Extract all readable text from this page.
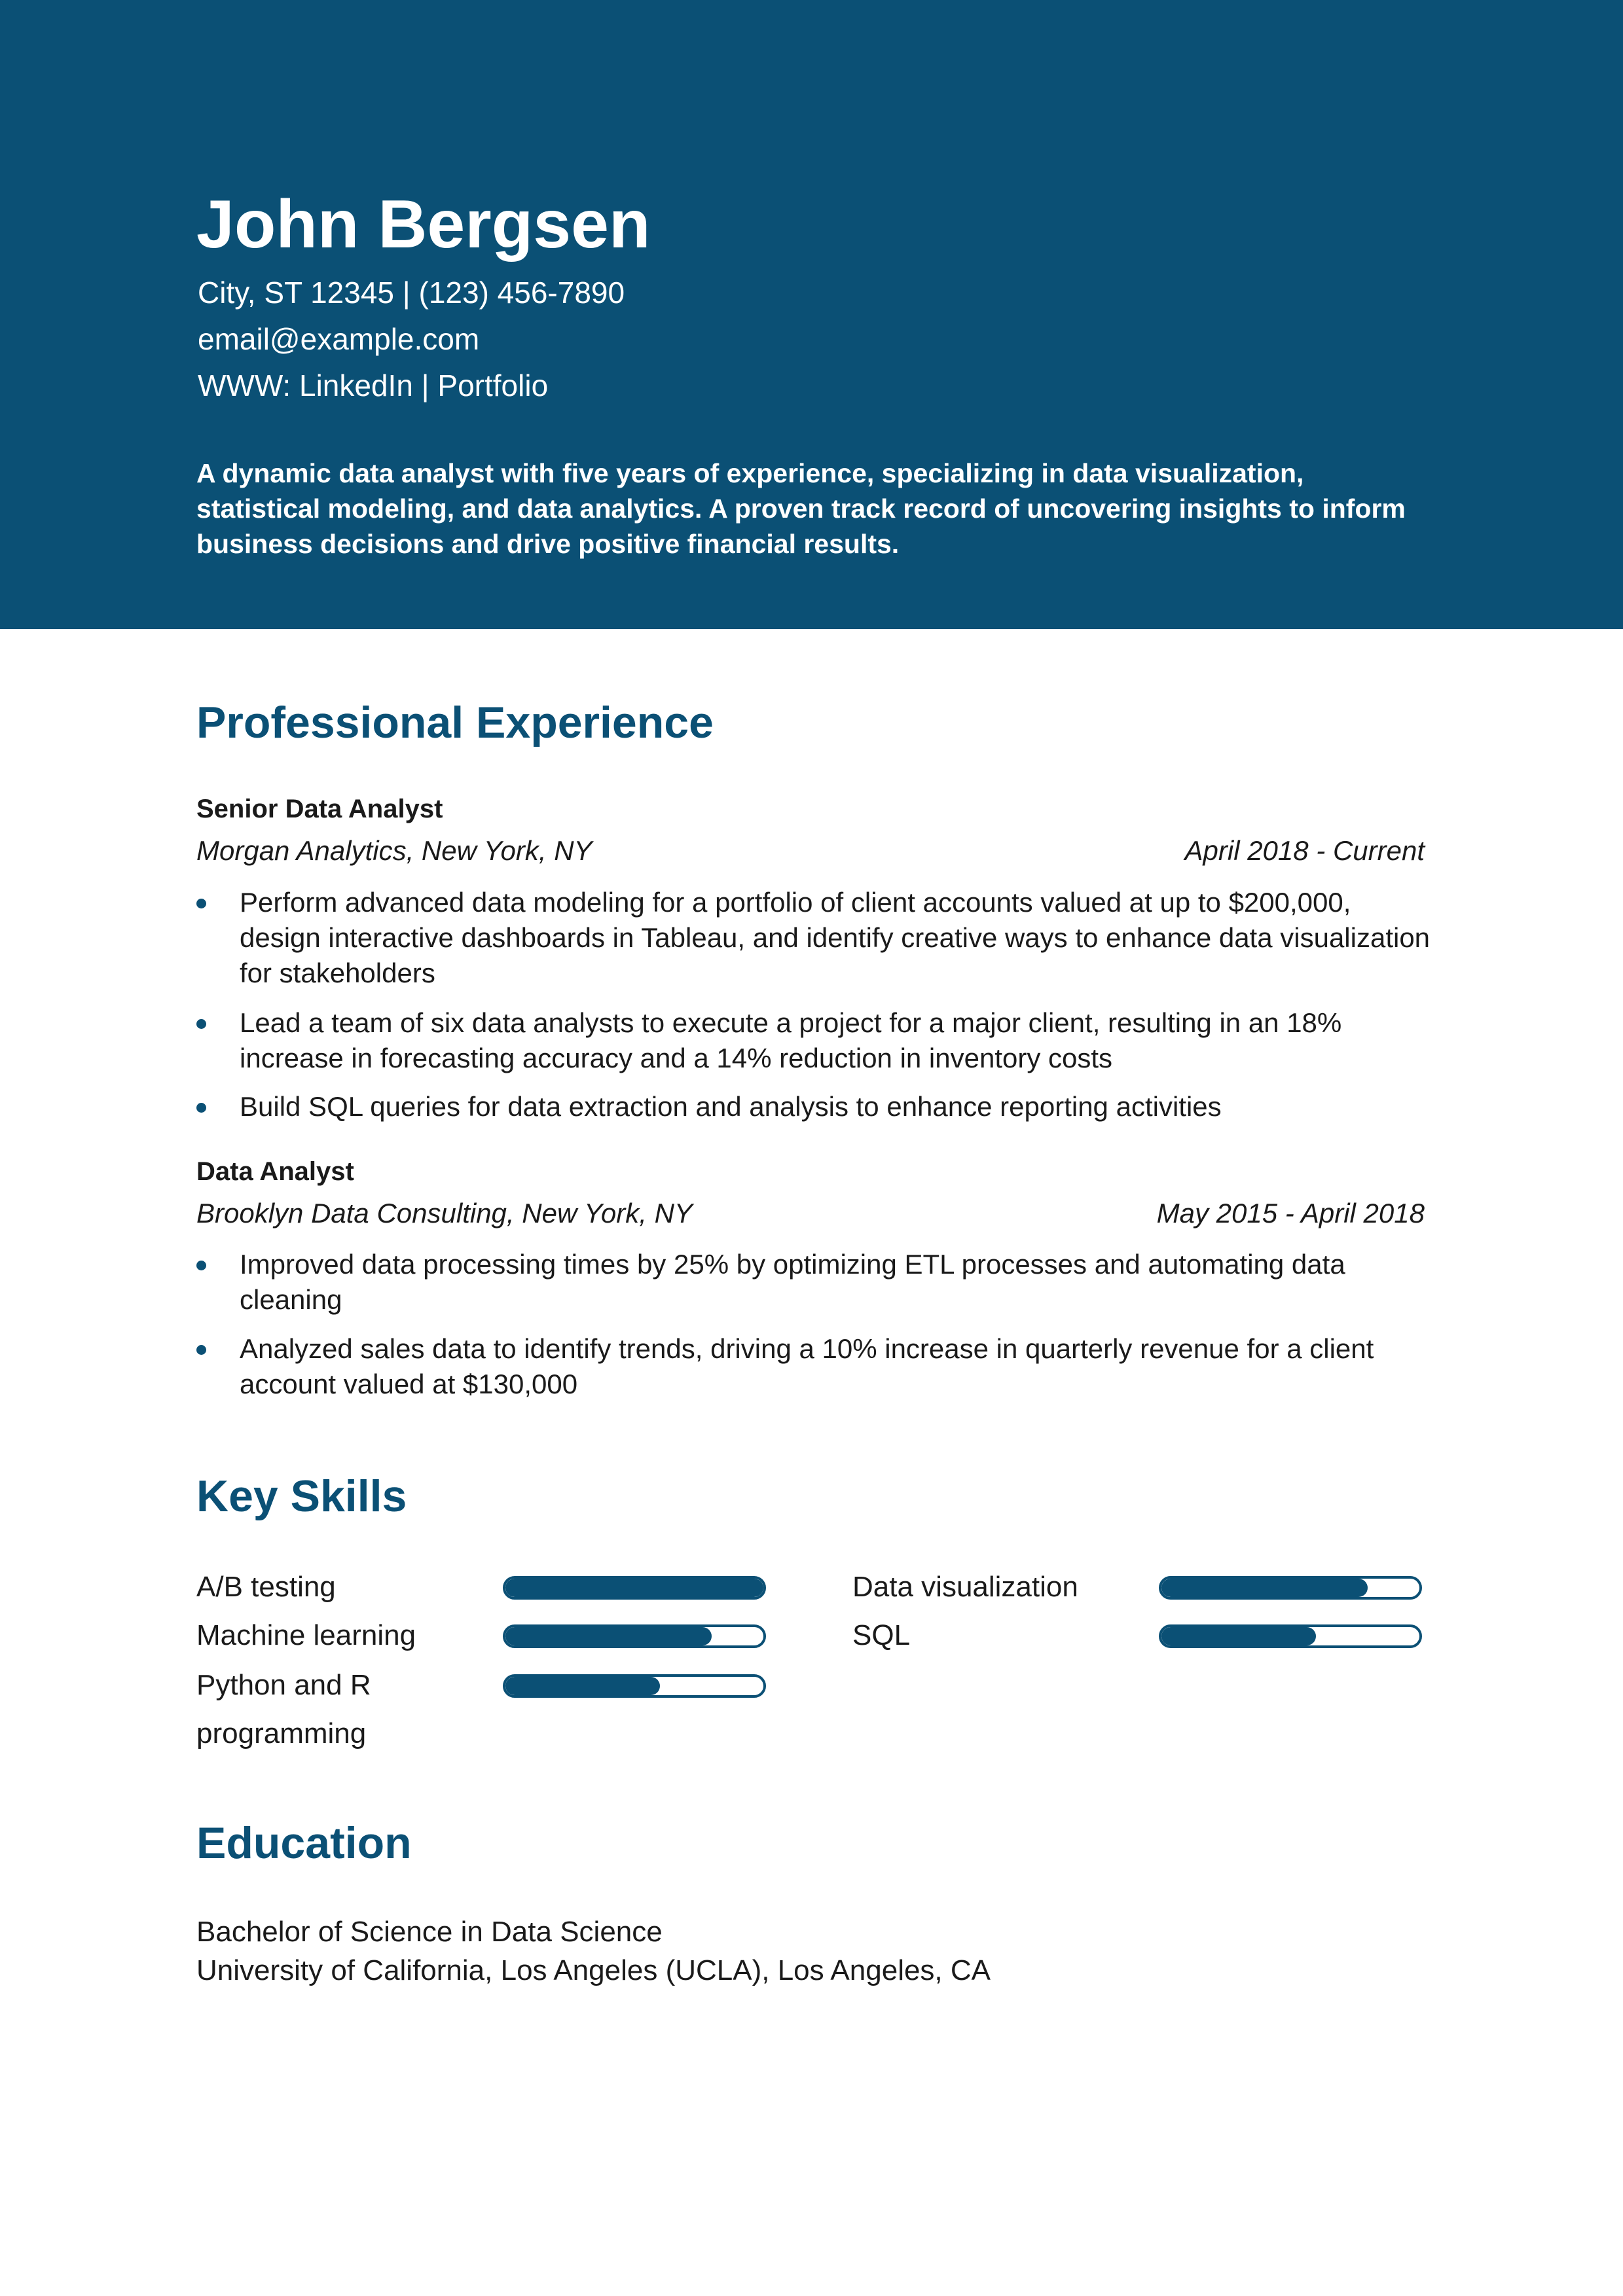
John Bergsen
City, ST 12345 | (123) 456-7890
email@example.com
WWW: LinkedIn | Portfolio

A dynamic data analyst with five years of experience, specializing in data visualization, statistical modeling, and data analytics. A proven track record of uncovering insights to inform business decisions and drive positive financial results.

Professional Experience
Senior Data Analyst
Morgan Analytics, New York, NY	April 2018 - Current
Perform advanced data modeling for a portfolio of client accounts valued at up to $200,000, design interactive dashboards in Tableau, and identify creative ways to enhance data visualization for stakeholders
Lead a team of six data analysts to execute a project for a major client, resulting in an 18% increase in forecasting accuracy and a 14% reduction in inventory costs
Build SQL queries for data extraction and analysis to enhance reporting activities
Data Analyst
Brooklyn Data Consulting, New York, NY	May 2015 - April 2018
Improved data processing times by 25% by optimizing ETL processes and automating data cleaning
Analyzed sales data to identify trends, driving a 10% increase in quarterly revenue for a client account valued at $130,000
Key Skills
A/B testing
Machine learning
Python and R programming
Data visualization
SQL
Education
Bachelor of Science in Data Science
University of California, Los Angeles (UCLA), Los Angeles, CA
